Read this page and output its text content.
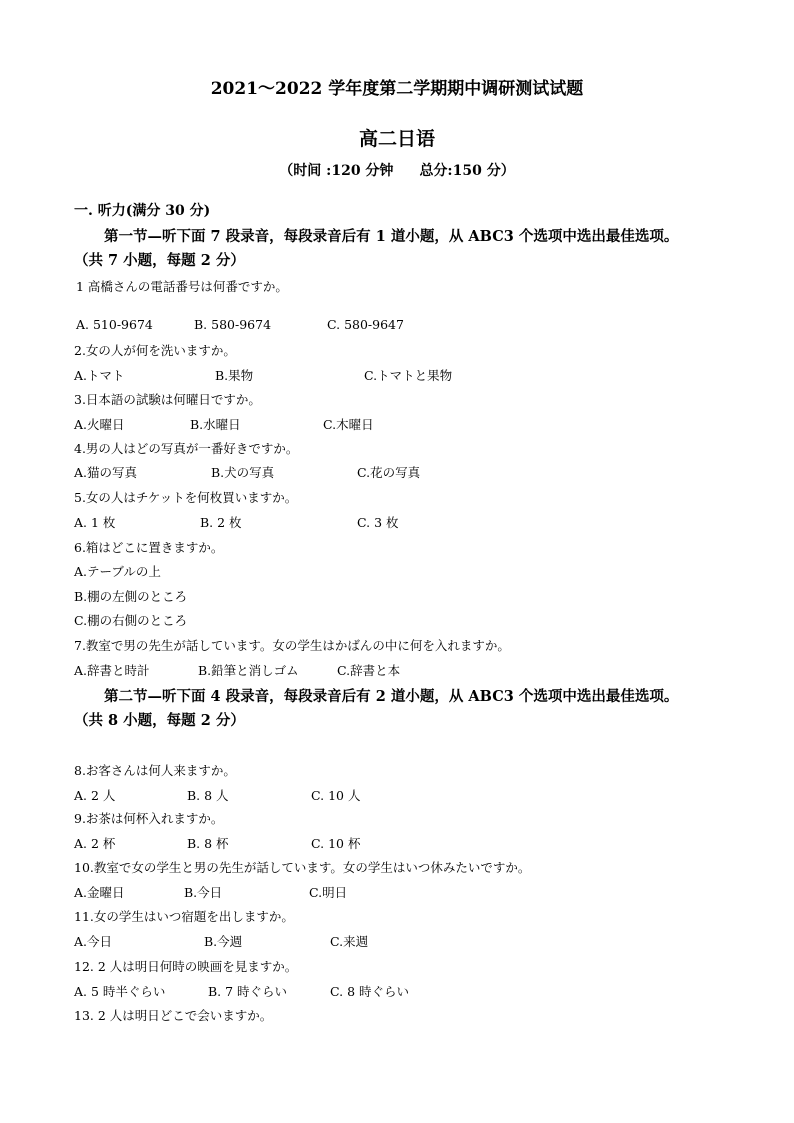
2021～2022 学年度第二学期期中调研测试试题
高二日语
（时间 :120 分钟 总分:150 分）
一. 听力(满分 30 分)
第一节—听下面 7 段录音，每段录音后有 1 道小题，从 ABC3 个选项中选出最佳选项。
（共 7 小题，每题 2 分）
1 高橋さんの電話番号は何番ですか。
A. 510-9674	B. 580-9674	C. 580-9647
2.女の人が何を洗いますか。
A.トマト	B.果物	C.トマトと果物
3.日本語の試験は何曜日ですか。
A.火曜日	B.水曜日	C.木曜日
4.男の人はどの写真が一番好きですか。
A.猫の写真	B.犬の写真	C.花の写真
5.女の人はチケットを何枚買いますか。
A. 1 枚	B. 2 枚	C. 3 枚
6.箱はどこに置きますか。
A.テーブルの上
B.棚の左側のところ
C.棚の右側のところ
7.教室で男の先生が話しています。女の学生はかばんの中に何を入れますか。
A.辞書と時計	B.鉛筆と消しゴム	C.辞書と本
第二节—听下面 4 段录音，每段录音后有 2 道小题，从 ABC3 个选项中选出最佳选项。
（共 8 小题，每题 2 分）
8.お客さんは何人来ますか。
A. 2 人	B. 8 人	C. 10 人
9.お茶は何杯入れますか。
A. 2 杯	B. 8 杯	C. 10 杯
10.教室で女の学生と男の先生が話しています。女の学生はいつ休みたいですか。
A.金曜日	B.今日	C.明日
11.女の学生はいつ宿題を出しますか。
A.今日	B.今週	C.来週
12. 2 人は明日何時の映画を見ますか。
A. 5 時半ぐらい	B. 7 時ぐらい	C. 8 時ぐらい
13. 2 人は明日どこで会いますか。
